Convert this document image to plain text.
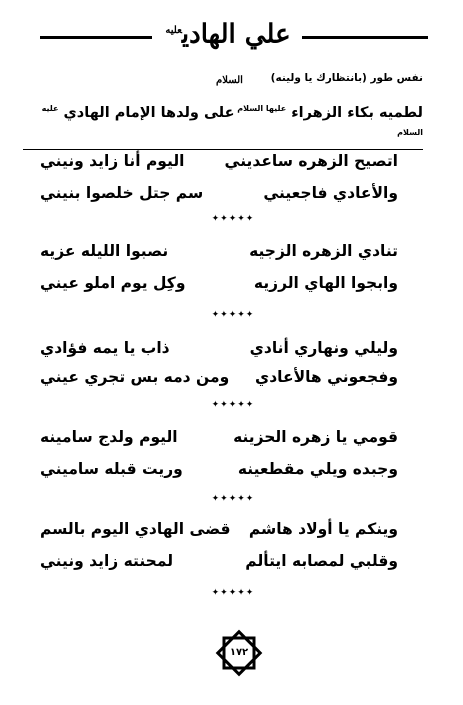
علي الهادي$^{عليه السلام}$	نفس طور (بانتظارك يا ولينه)
لطميه بكاء الزهراء $^{عليها السلام}$ على ولدها الإمام الهادي $^{عليه السلام}$
اتصيح الزهره ساعديني
اليوم أنا زايد ونيني
والأعادي فاجعيني
سم جتل خلصوا بنيني
✦✦✦✦✦
تنادي الزهره الزجيه
نصبوا الليله عزيه
وابجوا الهاي الرزيه
وكِل يوم املو عيني
✦✦✦✦✦
وليلي ونهاري أنادي
ذاب يا يمه فؤادي
وفجعوني هالأعادي
ومن دمه بس تجري عيني
✦✦✦✦✦
قومي يا زهره الحزينه
اليوم ولدج سامينه
وجبده ويلي مقطعينه
وريت قبله ساميني
✦✦✦✦✦
وينكم يا أولاد هاشم
قضى الهادي اليوم بالسم
وقلبي لمصابه ايتألم
لمحنته زايد ونيني
✦✦✦✦✦
١٧٢
